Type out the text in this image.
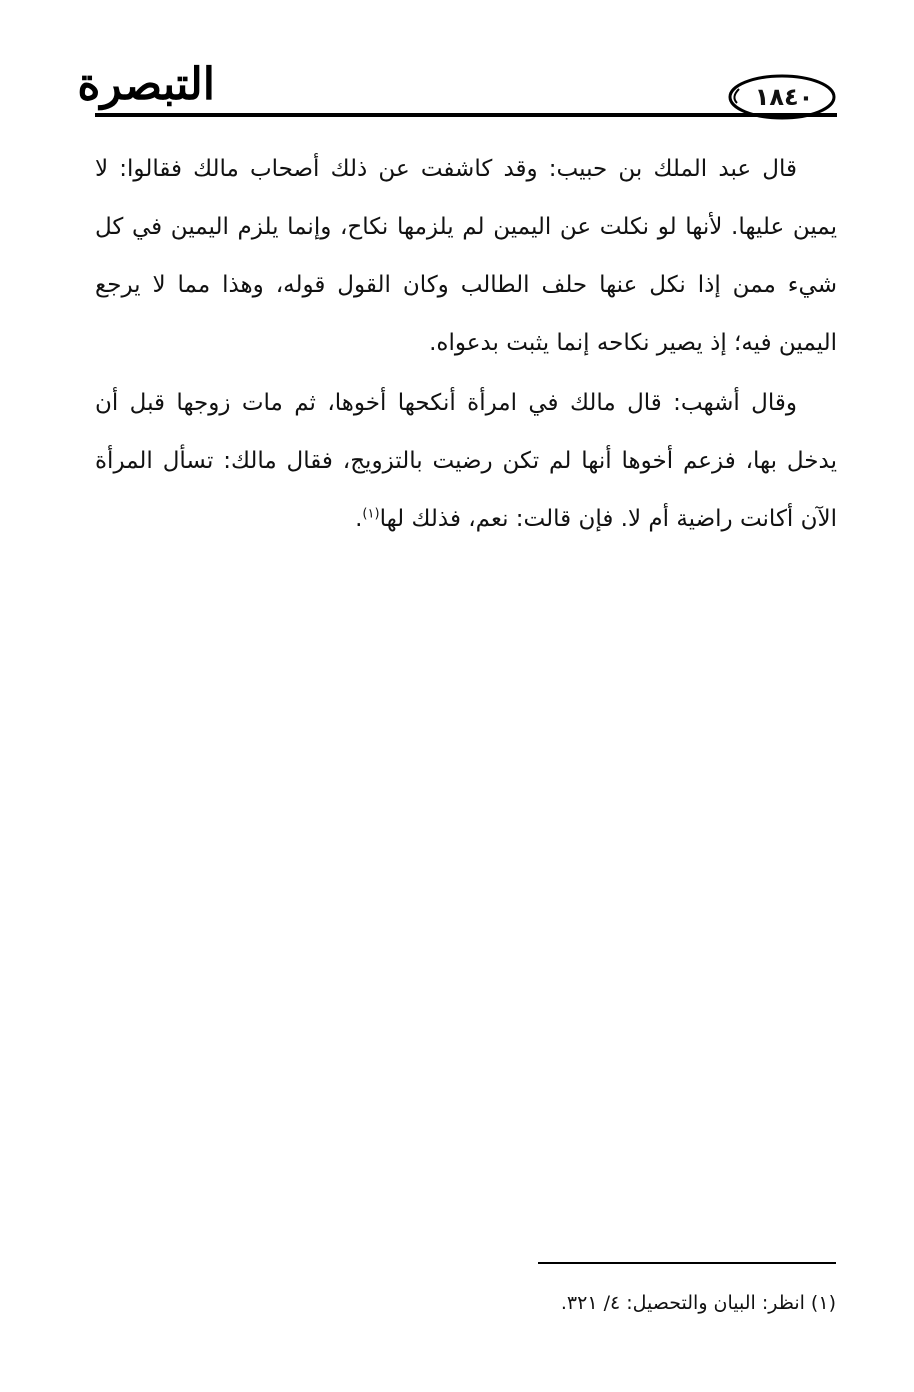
التبصرة	١٨٤٠

قال عبد الملك بن حبيب: وقد كاشفت عن ذلك أصحاب مالك فقالوا: لا يمين عليها. لأنها لو نكلت عن اليمين لم يلزمها نكاح، وإنما يلزم اليمين في كل شيء ممن إذا نكل عنها حلف الطالب وكان القول قوله، وهذا مما لا يرجع اليمين فيه؛ إذ يصير نكاحه إنما يثبت بدعواه.

وقال أشهب: قال مالك في امرأة أنكحها أخوها، ثم مات زوجها قبل أن يدخل بها، فزعم أخوها أنها لم تكن رضيت بالتزويج، فقال مالك: تسأل المرأة الآن أكانت راضية أم لا. فإن قالت: نعم، فذلك لها$^{(١)}$.

(١) انظر: البيان والتحصيل: ٤/ ٣٢١.
